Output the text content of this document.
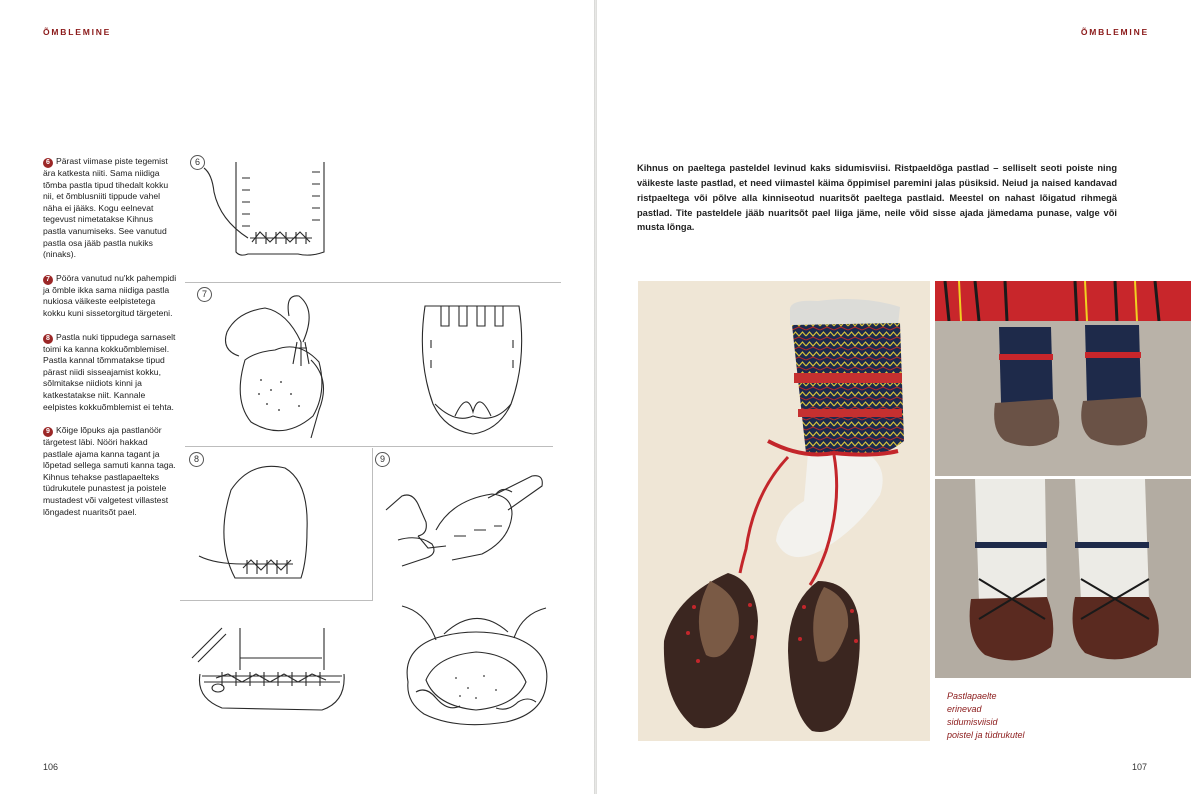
ÕMBLEMINE

6 Pärast viimase piste tegemist ära katkesta niiti. Sama niidiga tõmba pastla tipud tihedalt kokku nii, et õmblusniiti tippude vahel näha ei jääks. Kogu eelnevat tegevust nimetatakse Kihnus pastla vanumiseks. See vanutud pastla osa jääb pastla nukiks (ninaks).

7 Pööra vanutud nu'kk pahempidi ja õmble ikka sama niidiga pastla nukiosa väikeste eelpistetega kokku kuni sissetorgitud tärgeteni.

8 Pastla nuki tippudega sarnaselt toimi ka kanna kokkuõmblemisel. Pastla kannal tõmmatakse tipud pärast niidi sisseajamist kokku, sõlmitakse niidiots kinni ja katkestatakse niit. Kannale eelpistes kokkuõmblemist ei tehta.

9 Kõige lõpuks aja pastlanöör tärgetest läbi. Nööri hakkad pastlale ajama kanna tagant ja lõpetad sellega samuti kanna taga. Kihnus tehakse pastlapaelteks tüdrukutele punastest ja poistele mustadest või valgetest villastest lõngadest nuaritsõt pael.

6
7
8	9
106
ÕMBLEMINE

Kihnus on paeltega pasteldel levinud kaks sidumisviisi. Ristpaeldõga pastlad – selliselt seoti poiste ning väikeste laste pastlad, et need viimastel käima õppimisel paremini jalas püsiksid. Neiud ja naised kandavad ristpaeltega või põlve alla kinniseotud nuaritsõt paeltega pastlaid. Meestel on nahast lõigatud rihmegä pastlad. Tite pasteldele jääb nuaritsõt pael liiga jäme, neile võid sisse ajada jämedama punase, valge või musta lõnga.

Pastlapaelte
erinevad
sidumisviisid
poistel ja tüdrukutel
107
